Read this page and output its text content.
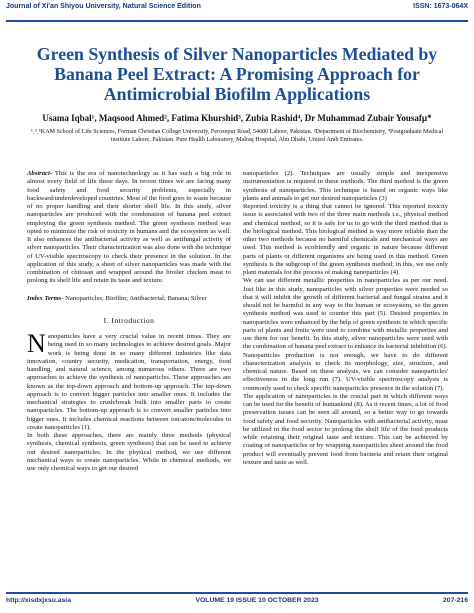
Journal of Xi'an Shiyou University, Natural Science Edition	ISSN: 1673-064X
Green Synthesis of Silver Nanoparticles Mediated by Banana Peel Extract: A Promising Approach for Antimicrobial Biofilm Applications
Usama Iqbal¹, Maqsood Ahmed², Fatima Khurshid³, Zubia Rashid⁴, Dr Muhammad Zubair Yousafµ*
¹ˏ³ˏ⁵KAM School of Life Sciences, Forman Christian College University, Ferozepur Road, 54600 Lahore, Pakistan. ²Department of Biochemistry, ⁴Postgraduate Medical institute Lahore, Pakistan. Pure Health Laboratory, Malraq Hospital, Abu Dhabi, United Arab Emirates.

Abstract- This is the era of nanotechnology as it has such a big role in almost every field of life these days. In recent times we are facing many food safety and food security problems, especially in backward/underdeveloped countries. Most of the food goes to waste because of no proper handling and their shorter shelf life. In this study, silver nanoparticles are produced with the combination of banana peel extract employing the green synthesis method. The green synthesis method was opted to minimize the risk of toxicity in humans and the ecosystem as well. It also enhances the antibacterial activity as well as antifungal activity of silver nanoparticles. Their characterization was also done with the technique of UV-visible spectroscopy to check their presence in the solution. In the application of this study, a sheet of silver nanoparticles was made with the combination of chitosan and wrapped around the broiler chicken meat to prolong its shelf life and retain its taste and texture.

Index Terms- Nanoparticles; Biofilm; Antibacterial; Banana; Silver

I. Introduction

Nanoparticles have a very crucial value in recent times. They are being used in so many technologies to achieve desired goals. Major work is being done in so many different industries like data innovation, country security, medication, transportation, energy, food handling, and natural science, among numerous others. There are two approaches to achieve the synthesis of nanoparticles. These approaches are known as the top-down approach and bottom-up approach. The top-down approach is to convert bigger particles into smaller ones. It includes the mechanical strategies to crush/break bulk into smaller parts to create nanoparticles. The bottom-up approach is to convert smaller particles into bigger ones. It includes chemical reactions between ion/atom/molecules to create nanoparticles (1).

In both these approaches, there are mainly three methods (physical synthesis, chemical synthesis, green synthesis) that can be used to achieve our desired nanoparticles. In the physical method, we use different mechanical ways to create nanoparticles. While in chemical methods, we use only chemical ways to get our desired

nanoparticles (2). Techniques are usually simple and inexpensive instrumentation is required in these methods. The third method is the green synthesis of nanoparticles. This technique is based on organic ways like plants and animals to get our desired nanoparticles (3)

Reported toxicity is a thing that cannot be ignored. This reported toxicity issue is associated with two of the three main methods i.e., physical method and chemical method, so it is safe for us to go with the third method that is the biological method. This biological method is way more reliable than the other two methods because no harmful chemicals and mechanical ways are used. This method is ecofriendly and organic in nature because different parts of plants or different organisms are being used in this method. Green synthesis is the subgroup of the green synthesis method; in this, we use only plant materials for the process of making nanoparticles (4).

We can use different metallic properties in nanoparticles as per our need. Just like in this study, nanoparticles with silver properties were needed so that it will inhibit the growth of different bacterial and fungal strains and it should not be harmful in any way to the human or ecosystem, so the green synthesis method was used to counter this part (5). Desired properties in nanoparticles were enhanced by the help of green synthesis in which specific parts of plants and fruits were used to combine with metallic properties and use them for our benefit. In this study, silver nanoparticles were used with the combination of banana peel extract to enhance its bacterial inhibition (6).

Nanoparticles production is not enough, we have to do different characterization analysis to check its morphology, size, structure, and chemical nature. Based on these analysis, we can consider nanoparticles' effectiveness in the long run (7). UV-visible spectroscopy analysis is commonly used to check specific nanoparticles presence in the solution (7).

The application of nanoparticles is the crucial part in which different ways can be used for the benefit of humankind (8). As it recent times, a lot of food preservation issues can be seen all around, so a better way to go towards food safety and food security. Nanoparticles with antibacterial activity, must be utilized in the food sector to prolong the shelf life of the food products while retaining their original taste and texture. This can be achieved by coating of nanoparticles or by wrapping nanoparticles sheet around the food product will eventually prevent food from bacteria and retain their original texture and taste as well.

http://xisdxjxsu.asia	VOLUME 19 ISSUE 10 OCTOBER 2023	207-216
